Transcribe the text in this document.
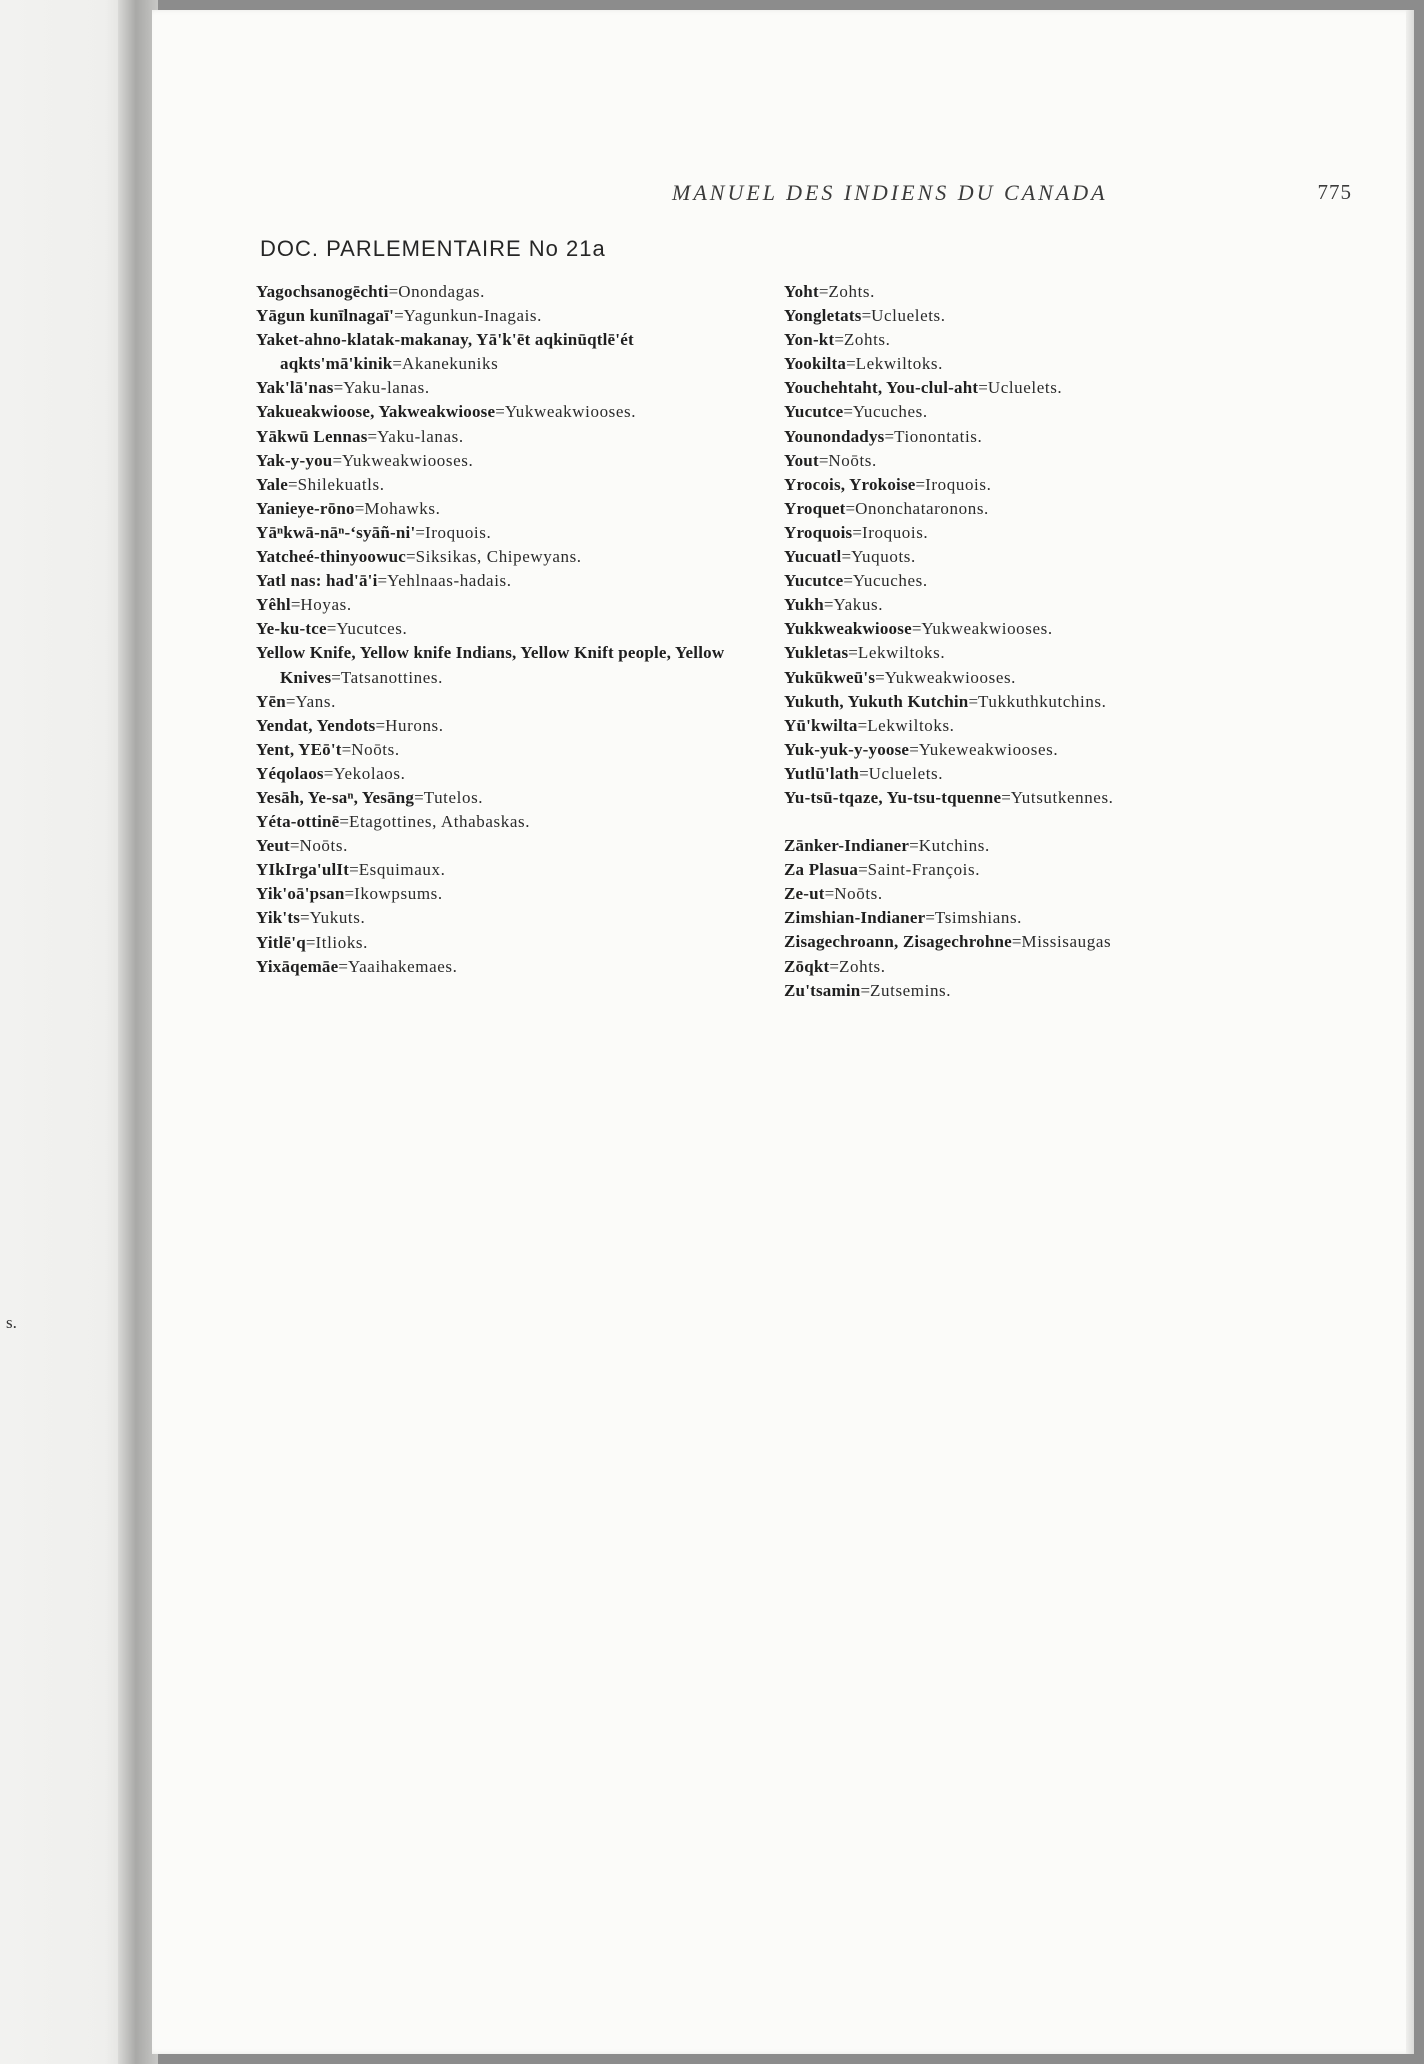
s.
MANUEL DES INDIENS DU CANADA	775
DOC. PARLEMENTAIRE No 21a

Yagochsanogēchti=Onondagas.

Yāgun kunīlnagaī'=Yagunkun-Inagais.

Yaket-ahno-klatak-makanay, Yā'k'ēt aqkinūqtlē'ét aqkts'mā'kinik=Akanekuniks

Yak'lā'nas=Yaku-lanas.

Yakueakwioose, Yakweakwioose=Yukweakwiooses.

Yākwū Lennas=Yaku-lanas.

Yak-y-you=Yukweakwiooses.

Yale=Shilekuatls.

Yanieye-rōno=Mohawks.

Yāⁿkwā-nāⁿ-ʻsyāñ-ni'=Iroquois.

Yatcheé-thinyoowuc=Siksikas, Chipewyans.

Yatl nas: had'ā'i=Yehlnaas-hadais.

Yêhl=Hoyas.

Ye-ku-tce=Yucutces.

Yellow Knife, Yellow knife Indians, Yellow Knift people, Yellow Knives=Tatsanottines.

Yēn=Yans.

Yendat, Yendots=Hurons.

Yent, YEō't=Noōts.

Yéqolaos=Yekolaos.

Yesāh, Ye-saⁿ, Yesāng=Tutelos.

Yéta-ottinē=Etagottines, Athabaskas.

Yeut=Noōts.

YIkIrga'ulIt=Esquimaux.

Yik'oā'psan=Ikowpsums.

Yik'ts=Yukuts.

Yitlē'q=Itlioks.

Yixāqemāe=Yaaihakemaes.

Yoht=Zohts.

Yongletats=Ucluelets.

Yon-kt=Zohts.

Yookilta=Lekwiltoks.

Youchehtaht, You-clul-aht=Ucluelets.

Yucutce=Yucuches.

Younondadys=Tionontatis.

Yout=Noōts.

Yrocois, Yrokoise=Iroquois.

Yroquet=Ononchataronons.

Yroquois=Iroquois.

Yucuatl=Yuquots.

Yucutce=Yucuches.

Yukh=Yakus.

Yukkweakwioose=Yukweakwiooses.

Yukletas=Lekwiltoks.

Yukūkweū's=Yukweakwiooses.

Yukuth, Yukuth Kutchin=Tukkuthkutchins.

Yū'kwilta=Lekwiltoks.

Yuk-yuk-y-yoose=Yukeweakwiooses.

Yutlū'lath=Ucluelets.

Yu-tsū-tqaze, Yu-tsu-tquenne=Yutsutkennes.

Zānker-Indianer=Kutchins.

Za Plasua=Saint-François.

Ze-ut=Noōts.

Zimshian-Indianer=Tsimshians.

Zisagechroann, Zisagechrohne=Missisaugas

Zōqkt=Zohts.

Zu'tsamin=Zutsemins.
